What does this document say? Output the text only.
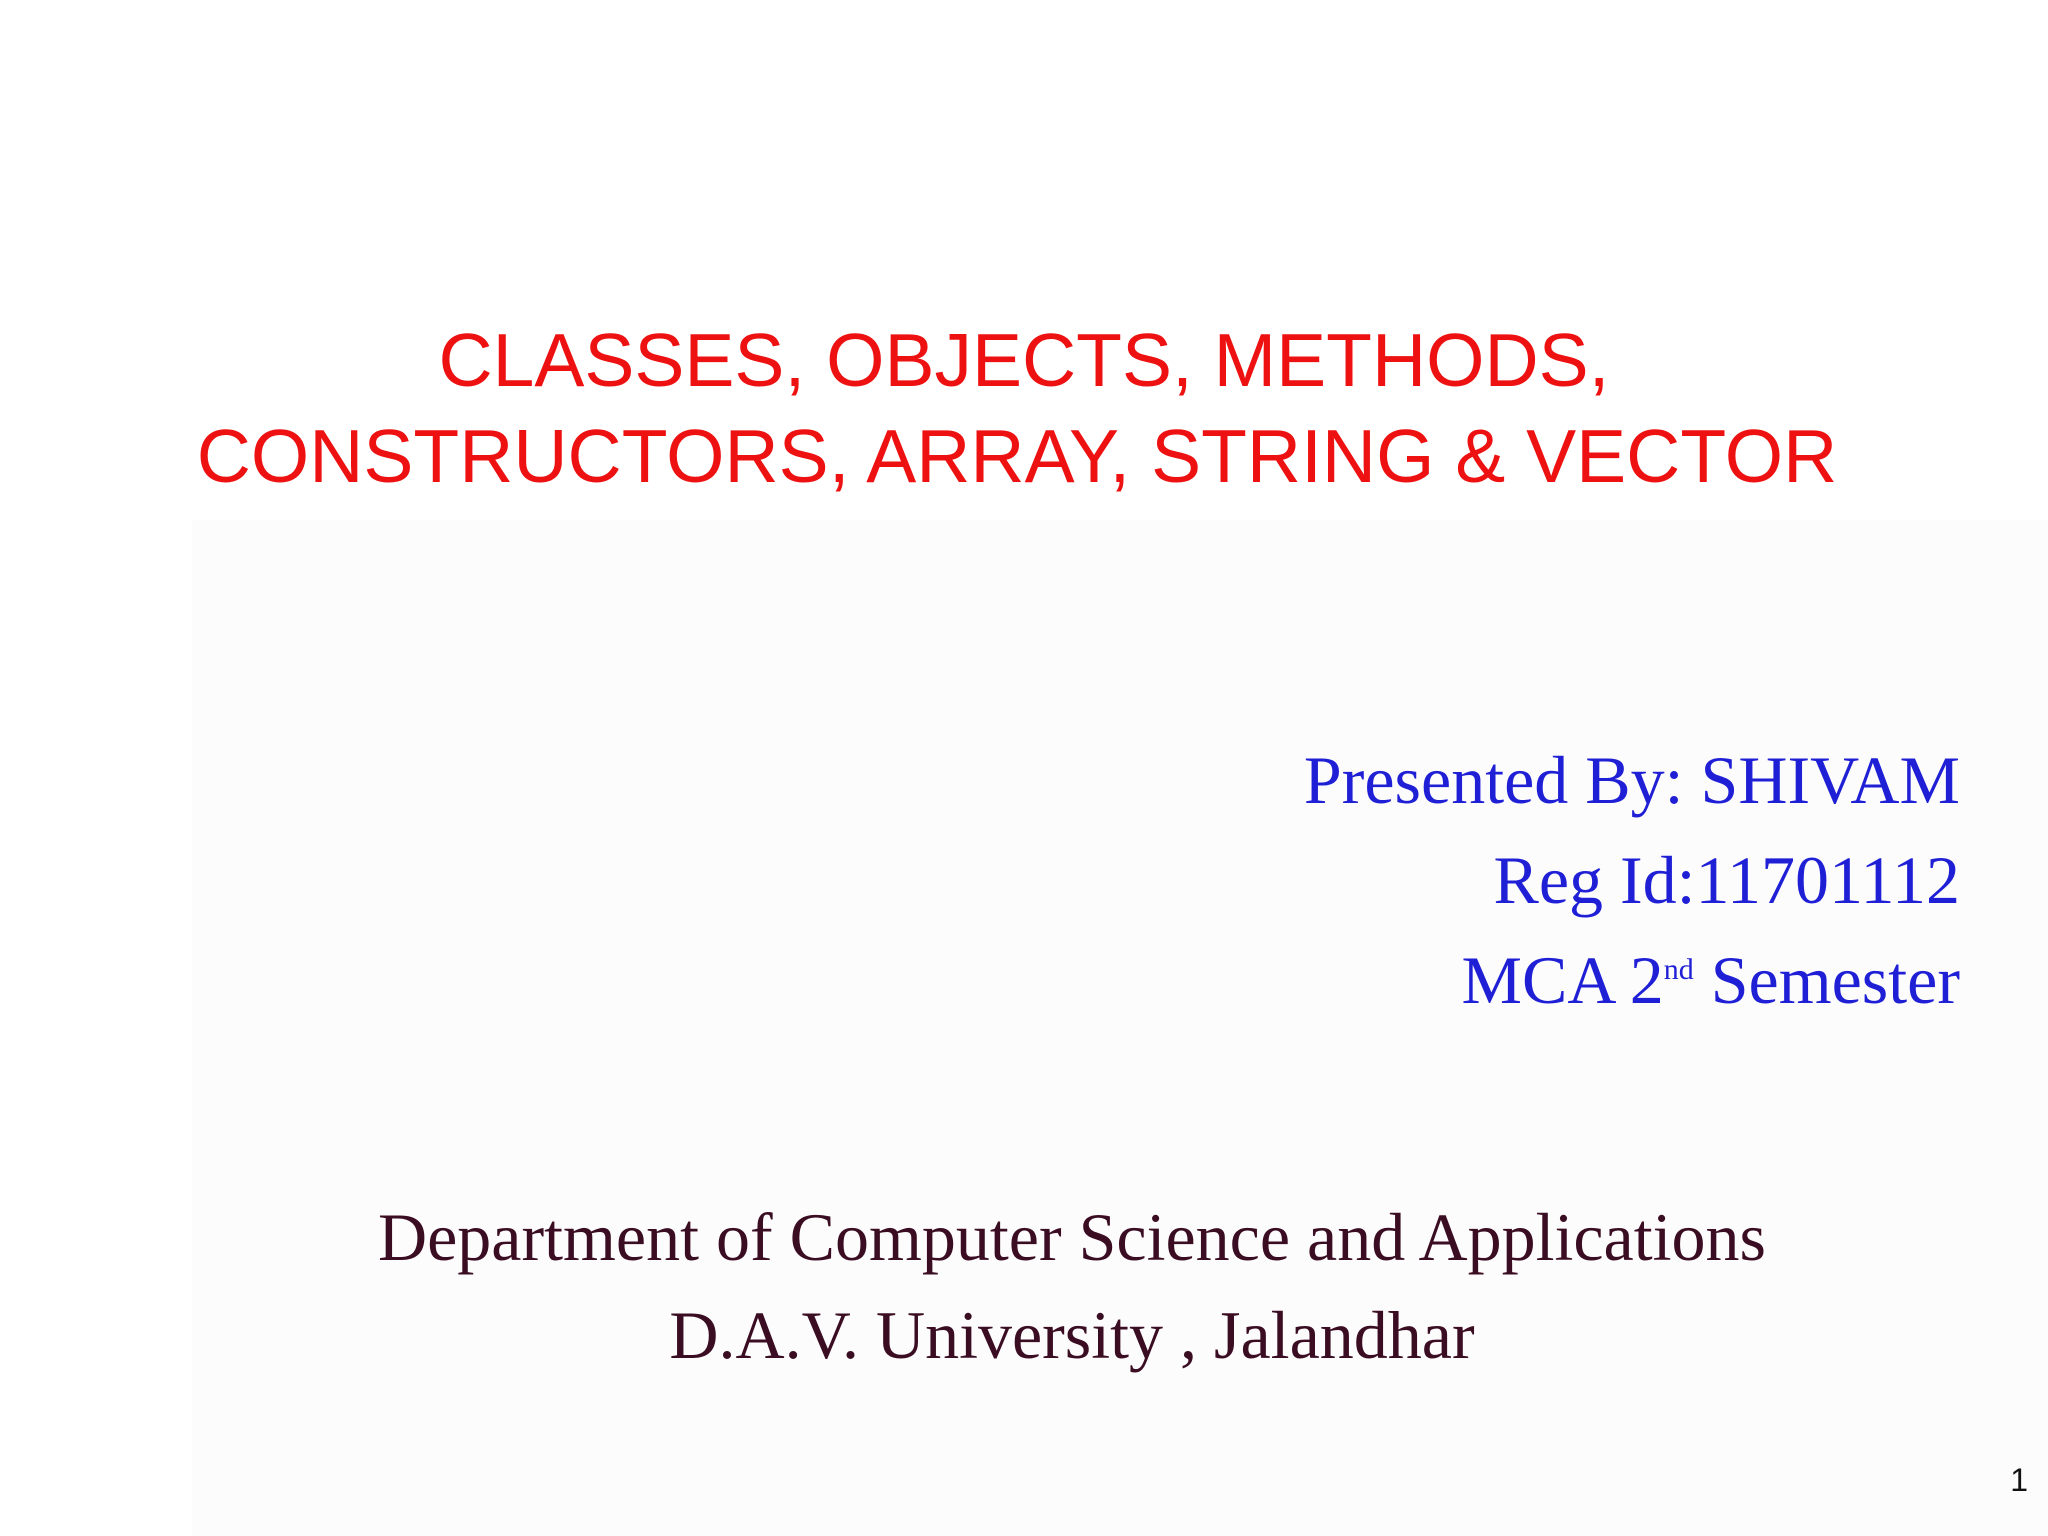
CLASSES, OBJECTS, METHODS,
CONSTRUCTORS, ARRAY, STRING & VECTOR
Presented By: SHIVAM
Reg Id:11701112
MCA 2nd Semester
Department of Computer Science and Applications
D.A.V. University , Jalandhar
1
